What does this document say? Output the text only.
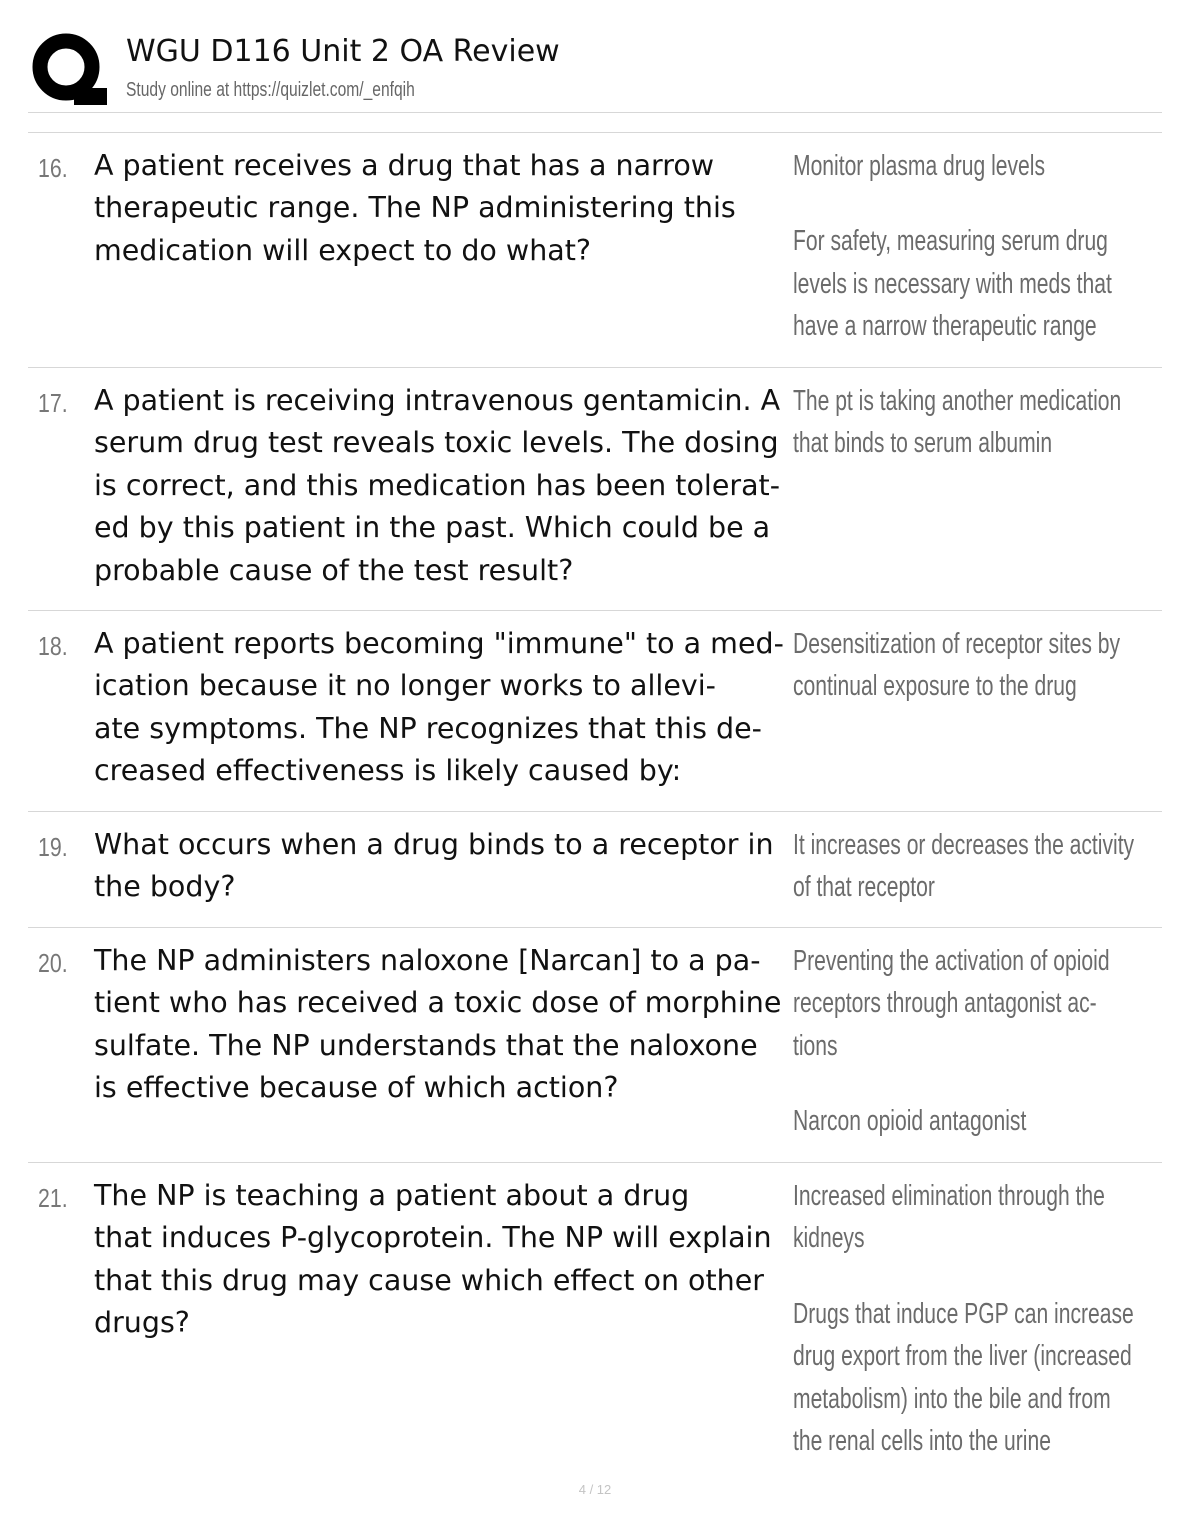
WGU D116 Unit 2 OA Review
Study online at https://quizlet.com/_enfqih
16. A patient receives a drug that has a narrow
therapeutic range. The NP administering this
medication will expect to do what?

Monitor plasma drug levels

For safety, measuring serum drug

levels is necessary with meds that

have a narrow therapeutic range

17. A patient is receiving intravenous gentamicin. A
serum drug test reveals toxic levels. The dosing
is correct, and this medication has been tolerat-
ed by this patient in the past. Which could be a
probable cause of the test result?

The pt is taking another medication

that binds to serum albumin

18. A patient reports becoming "immune" to a med-
ication because it no longer works to allevi-
ate symptoms. The NP recognizes that this de-
creased effectiveness is likely caused by:

Desensitization of receptor sites by

continual exposure to the drug

19. What occurs when a drug binds to a receptor in
the body?

It increases or decreases the activity

of that receptor

20. The NP administers naloxone [Narcan] to a pa-
tient who has received a toxic dose of morphine
sulfate. The NP understands that the naloxone
is effective because of which action?

Preventing the activation of opioid

receptors through antagonist ac-

tions

Narcon opioid antagonist

21. The NP is teaching a patient about a drug
that induces P-glycoprotein. The NP will explain
that this drug may cause which effect on other
drugs?

Increased elimination through the

kidneys

Drugs that induce PGP can increase

drug export from the liver (increased

metabolism) into the bile and from

the renal cells into the urine

4 / 12
